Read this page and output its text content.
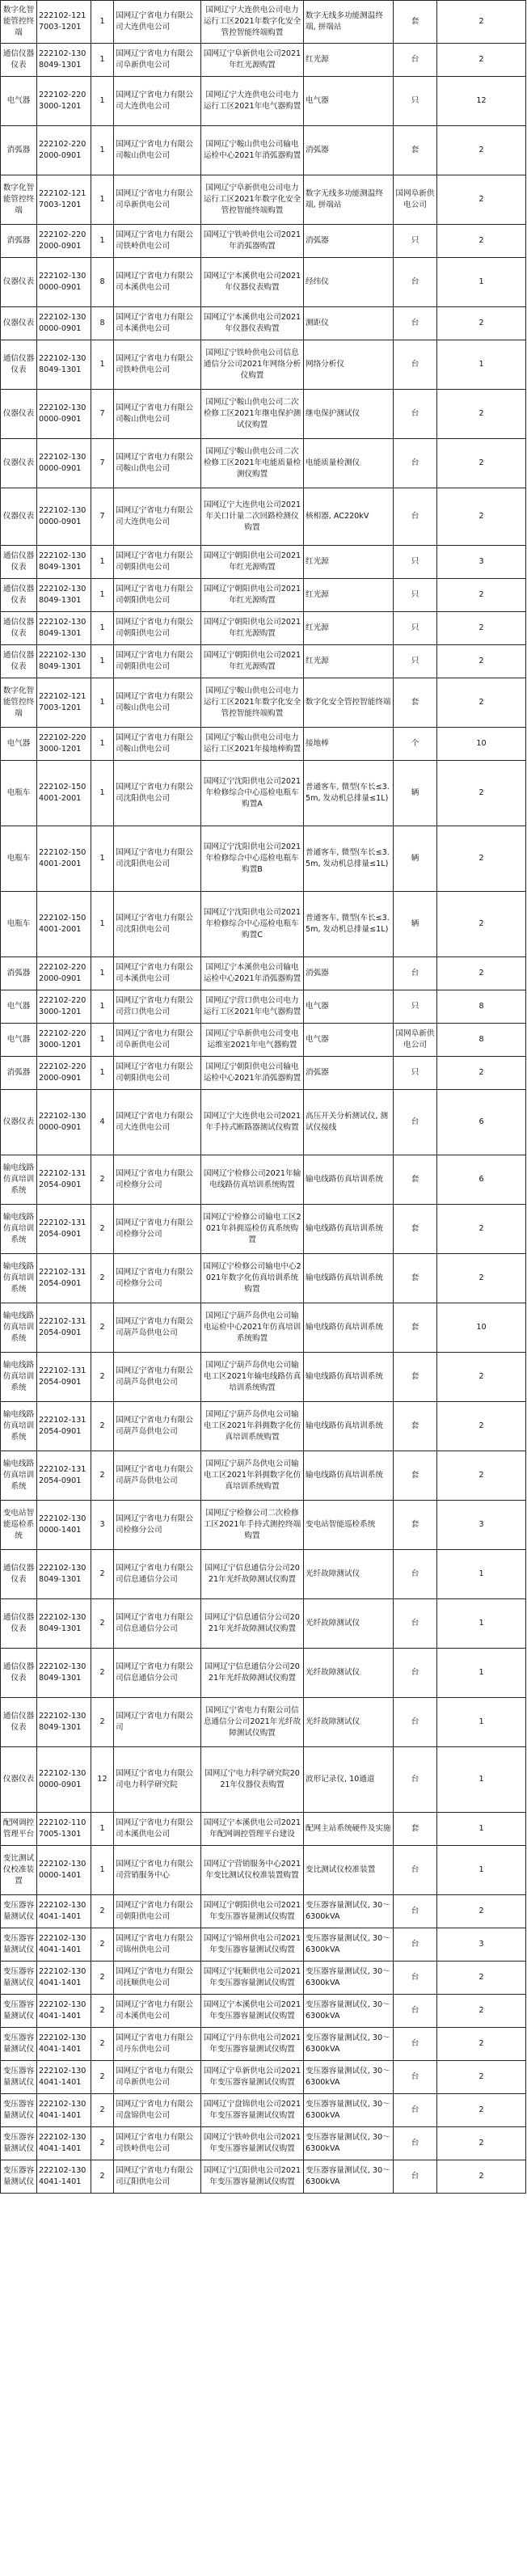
数字化智能管控终端	222102-1217003-1201	1	国网辽宁省电力有限公司大连供电公司	国网辽宁大连供电公司电力运行工区2021年数字化安全管控智能终端购置	数字无线多功能测温终端, 拼端站	套	2
通信仪器仪表	222102-1308049-1301	1	国网辽宁省电力有限公司阜新供电公司	国网辽宁阜新供电公司2021年红光源购置	红光源	台	2
电气器	222102-2203000-1201	1	国网辽宁省电力有限公司大连供电公司	国网辽宁大连供电公司电力运行工区2021年电气器购置	电气器	只	12
消弧器	222102-2202000-0901	1	国网辽宁省电力有限公司鞍山供电公司	国网辽宁鞍山供电公司输电运检中心2021年消弧器购置	消弧器	套	2
数字化智能管控终端	222102-1217003-1201	1	国网辽宁省电力有限公司阜新供电公司	国网辽宁阜新供电公司电力运行工区2021年数字化安全管控智能终端购置	数字无线多功能测温终端, 拼端站	国网阜新供电公司	2
消弧器	222102-2202000-0901	1	国网辽宁省电力有限公司铁岭供电公司	国网辽宁铁岭供电公司2021年消弧器购置	消弧器	只	2
仪器仪表	222102-1300000-0901	8	国网辽宁省电力有限公司本溪供电公司	国网辽宁本溪供电公司2021年仪器仪表购置	经纬仪	台	1
仪器仪表	222102-1300000-0901	8	国网辽宁省电力有限公司本溪供电公司	国网辽宁本溪供电公司2021年仪器仪表购置	测距仪	台	2
通信仪器仪表	222102-1308049-1301	1	国网辽宁省电力有限公司铁岭供电公司	国网辽宁铁岭供电公司信息通信分公司2021年网络分析仪购置	网络分析仪	台	1
仪器仪表	222102-1300000-0901	7	国网辽宁省电力有限公司鞍山供电公司	国网辽宁鞍山供电公司二次检修工区2021年继电保护测试仪购置	继电保护测试仪	台	2
仪器仪表	222102-1300000-0901	7	国网辽宁省电力有限公司鞍山供电公司	国网辽宁鞍山供电公司二次检修工区2021年电能质量检测仪购置	电能质量检测仪	台	2
仪器仪表	222102-1300000-0901	7	国网辽宁省电力有限公司大连供电公司	国网辽宁大连供电公司2021年关口计量二次回路检测仪购置	核相器, AC220kV	台	2
通信仪器仪表	222102-1308049-1301	1	国网辽宁省电力有限公司朝阳供电公司	国网辽宁朝阳供电公司2021年红光源购置	红光源	只	3
通信仪器仪表	222102-1308049-1301	1	国网辽宁省电力有限公司朝阳供电公司	国网辽宁朝阳供电公司2021年红光源购置	红光源	只	2
通信仪器仪表	222102-1308049-1301	1	国网辽宁省电力有限公司朝阳供电公司	国网辽宁朝阳供电公司2021年红光源购置	红光源	只	2
通信仪器仪表	222102-1308049-1301	1	国网辽宁省电力有限公司朝阳供电公司	国网辽宁朝阳供电公司2021年红光源购置	红光源	只	2
数字化智能管控终端	222102-1217003-1201	1	国网辽宁省电力有限公司鞍山供电公司	国网辽宁鞍山供电公司电力运行工区2021年数字化安全管控智能终端购置	数字化安全管控智能终端	套	2
电气器	222102-2203000-1201	1	国网辽宁省电力有限公司鞍山供电公司	国网辽宁鞍山供电公司电力运行工区2021年接地棒购置	接地棒	个	10
电瓶车	222102-1504001-2001	1	国网辽宁省电力有限公司沈阳供电公司	国网辽宁沈阳供电公司2021年检修综合中心巡检电瓶车购置A	普通客车, 微型(车长≤3.5m, 发动机总排量≤1L)	辆	2
电瓶车	222102-1504001-2001	1	国网辽宁省电力有限公司沈阳供电公司	国网辽宁沈阳供电公司2021年检修综合中心巡检电瓶车购置B	普通客车, 微型(车长≤3.5m, 发动机总排量≤1L)	辆	2
电瓶车	222102-1504001-2001	1	国网辽宁省电力有限公司沈阳供电公司	国网辽宁沈阳供电公司2021年检修综合中心巡检电瓶车购置C	普通客车, 微型(车长≤3.5m, 发动机总排量≤1L)	辆	2
消弧器	222102-2202000-0901	1	国网辽宁省电力有限公司本溪供电公司	国网辽宁本溪供电公司输电运检中心2021年消弧器购置	消弧器	台	2
电气器	222102-2203000-1201	1	国网辽宁省电力有限公司营口供电公司	国网辽宁营口供电公司电力运行工区2021年电气器购置	电气器	只	8
电气器	222102-2203000-1201	1	国网辽宁省电力有限公司阜新供电公司	国网辽宁阜新供电公司变电运维室2021年电气器购置	电气器	国网阜新供电公司	8
消弧器	222102-2202000-0901	1	国网辽宁省电力有限公司朝阳供电公司	国网辽宁朝阳供电公司输电运检中心2021年消弧器购置	消弧器	只	2
仪器仪表	222102-1300000-0901	4	国网辽宁省电力有限公司大连供电公司	国网辽宁大连供电公司2021年手持式断路器测试仪购置	高压开关分析测试仪, 测试仪接线	台	6
输电线路仿真培训系统	222102-1312054-0901	2	国网辽宁省电力有限公司检修分公司	国网辽宁检修公司2021年输电线路仿真培训系统购置	输电线路仿真培训系统	套	6
输电线路仿真培训系统	222102-1312054-0901	2	国网辽宁省电力有限公司检修分公司	国网辽宁检修公司输电工区2021年斜拥巡检仿真系统购置	输电线路仿真培训系统	套	2
输电线路仿真培训系统	222102-1312054-0901	2	国网辽宁省电力有限公司检修分公司	国网辽宁检修公司输电中心2021年数字化仿真培训系统购置	输电线路仿真培训系统	套	2
输电线路仿真培训系统	222102-1312054-0901	2	国网辽宁省电力有限公司葫芦岛供电公司	国网辽宁葫芦岛供电公司输电运检中心2021年仿真培训系统购置	输电线路仿真培训系统	套	10
输电线路仿真培训系统	222102-1312054-0901	2	国网辽宁省电力有限公司葫芦岛供电公司	国网辽宁葫芦岛供电公司输电工区2021年输电线路仿真培训系统购置	输电线路仿真培训系统	套	2
输电线路仿真培训系统	222102-1312054-0901	2	国网辽宁省电力有限公司葫芦岛供电公司	国网辽宁葫芦岛供电公司输电工区2021年斜拥数字化仿真培训系统购置	输电线路仿真培训系统	套	2
输电线路仿真培训系统	222102-1312054-0901	2	国网辽宁省电力有限公司葫芦岛供电公司	国网辽宁葫芦岛供电公司输电工区2021年斜拥数字化仿真培训系统购置	输电线路仿真培训系统	套	2
变电站智能巡检系统	222102-1300000-1401	3	国网辽宁省电力有限公司检修分公司	国网辽宁检修公司二次检修工区2021年手持式测控终端购置	变电站智能巡检系统	套	3
通信仪器仪表	222102-1308049-1301	2	国网辽宁省电力有限公司信息通信分公司	国网辽宁信息通信分公司2021年光纤故障测试仪购置	光纤故障测试仪	台	1
通信仪器仪表	222102-1308049-1301	2	国网辽宁省电力有限公司信息通信分公司	国网辽宁信息通信分公司2021年光纤故障测试仪购置	光纤故障测试仪	台	1
通信仪器仪表	222102-1308049-1301	2	国网辽宁省电力有限公司信息通信分公司	国网辽宁信息通信分公司2021年光纤故障测试仪购置	光纤故障测试仪	台	1
通信仪器仪表	222102-1308049-1301	2	国网辽宁省电力有限公司	国网辽宁省电力有限公司信息通信分公司2021年光纤故障测试仪购置	光纤故障测试仪	台	1
仪器仪表	222102-1300000-0901	12	国网辽宁省电力有限公司电力科学研究院	国网辽宁电力科学研究院2021年仪器仪表购置	波形记录仪, 10通道	台	1
配网调控管理平台	222102-1107005-1301	1	国网辽宁省电力有限公司本溪供电公司	国网辽宁本溪供电公司2021年配网调控管理平台建设	配网主站系统硬件及实施	套	1
变比测试仪校准装置	222102-1300000-1401	1	国网辽宁省电力有限公司营销服务中心	国网辽宁营销服务中心2021年变比测试仪校准装置购置	变比测试仪校准装置	台	1
变压器容量测试仪	222102-1304041-1401	2	国网辽宁省电力有限公司朝阳供电公司	国网辽宁朝阳供电公司2021年变压器容量测试仪购置	变压器容量测试仪, 30～6300kVA	台	2
变压器容量测试仪	222102-1304041-1401	2	国网辽宁省电力有限公司锦州供电公司	国网辽宁锦州供电公司2021年变压器容量测试仪购置	变压器容量测试仪, 30～6300kVA	台	3
变压器容量测试仪	222102-1304041-1401	2	国网辽宁省电力有限公司抚顺供电公司	国网辽宁抚顺供电公司2021年变压器容量测试仪购置	变压器容量测试仪, 30～6300kVA	台	2
变压器容量测试仪	222102-1304041-1401	2	国网辽宁省电力有限公司本溪供电公司	国网辽宁本溪供电公司2021年变压器容量测试仪购置	变压器容量测试仪, 30～6300kVA	台	2
变压器容量测试仪	222102-1304041-1401	2	国网辽宁省电力有限公司丹东供电公司	国网辽宁丹东供电公司2021年变压器容量测试仪购置	变压器容量测试仪, 30～6300kVA	台	2
变压器容量测试仪	222102-1304041-1401	2	国网辽宁省电力有限公司阜新供电公司	国网辽宁阜新供电公司2021年变压器容量测试仪购置	变压器容量测试仪, 30～6300kVA	台	2
变压器容量测试仪	222102-1304041-1401	2	国网辽宁省电力有限公司盘锦供电公司	国网辽宁盘锦供电公司2021年变压器容量测试仪购置	变压器容量测试仪, 30～6300kVA	台	2
变压器容量测试仪	222102-1304041-1401	2	国网辽宁省电力有限公司铁岭供电公司	国网辽宁铁岭供电公司2021年变压器容量测试仪购置	变压器容量测试仪, 30～6300kVA	台	2
变压器容量测试仪	222102-1304041-1401	2	国网辽宁省电力有限公司辽阳供电公司	国网辽宁辽阳供电公司2021年变压器容量测试仪购置	变压器容量测试仪, 30～6300kVA	台	2
